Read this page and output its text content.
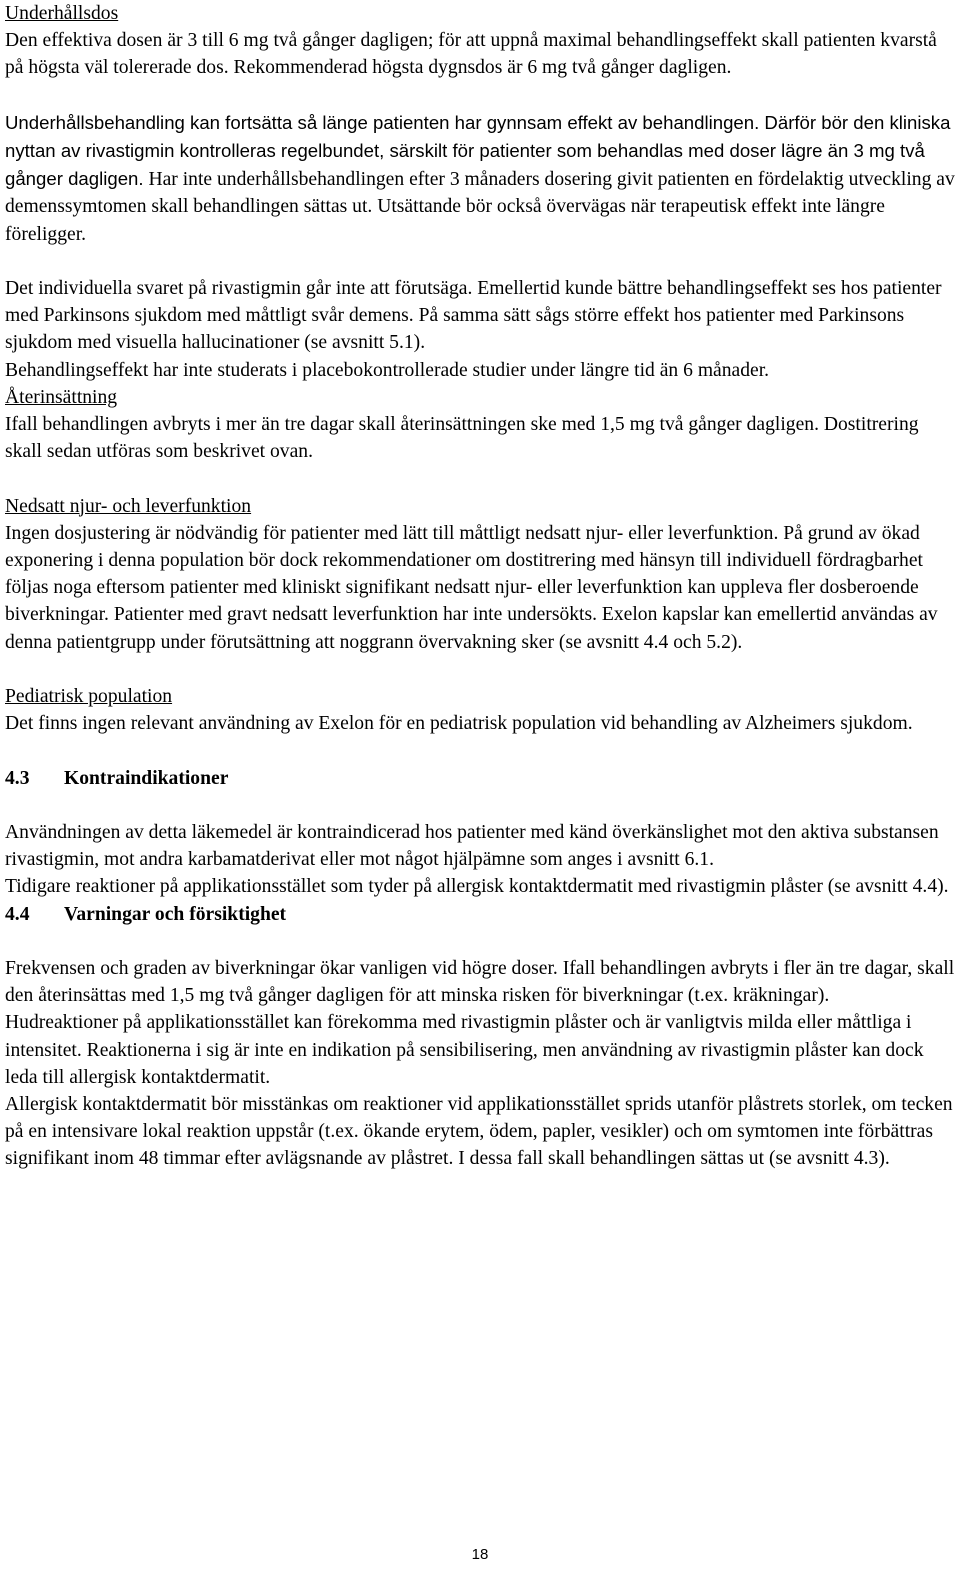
Underhållsdos

Den effektiva dosen är 3 till 6 mg två gånger dagligen; för att uppnå maximal behandlingseffekt skall patienten kvarstå på högsta väl tolererade dos. Rekommenderad högsta dygnsdos är 6 mg två gånger dagligen.

Underhållsbehandling kan fortsätta så länge patienten har gynnsam effekt av behandlingen. Därför bör den kliniska nyttan av rivastigmin kontrolleras regelbundet, särskilt för patienter som behandlas med doser lägre än 3 mg två gånger dagligen. Har inte underhållsbehandlingen efter 3 månaders dosering givit patienten en fördelaktig utveckling av demenssymtomen skall behandlingen sättas ut. Utsättande bör också övervägas när terapeutisk effekt inte längre föreligger.

Det individuella svaret på rivastigmin går inte att förutsäga. Emellertid kunde bättre behandlingseffekt ses hos patienter med Parkinsons sjukdom med måttligt svår demens. På samma sätt sågs större effekt hos patienter med Parkinsons sjukdom med visuella hallucinationer (se avsnitt 5.1).

Behandlingseffekt har inte studerats i placebokontrollerade studier under längre tid än 6 månader.

Återinsättning

Ifall behandlingen avbryts i mer än tre dagar skall återinsättningen ske med 1,5 mg två gånger dagligen. Dostitrering skall sedan utföras som beskrivet ovan.

Nedsatt njur- och leverfunktion

Ingen dosjustering är nödvändig för patienter med lätt till måttligt nedsatt njur- eller leverfunktion. På grund av ökad exponering i denna population bör dock rekommendationer om dostitrering med hänsyn till individuell fördragbarhet följas noga eftersom patienter med kliniskt signifikant nedsatt njur- eller leverfunktion kan uppleva fler dosberoende biverkningar. Patienter med gravt nedsatt leverfunktion har inte undersökts. Exelon kapslar kan emellertid användas av denna patientgrupp under förutsättning att noggrann övervakning sker (se avsnitt 4.4 och 5.2).

Pediatrisk population

Det finns ingen relevant användning av Exelon för en pediatrisk population vid behandling av Alzheimers sjukdom.

4.3 Kontraindikationer

Användningen av detta läkemedel är kontraindicerad hos patienter med känd överkänslighet mot den aktiva substansen rivastigmin, mot andra karbamatderivat eller mot något hjälpämne som anges i avsnitt 6.1.

Tidigare reaktioner på applikationsstället som tyder på allergisk kontaktdermatit med rivastigmin plåster (se avsnitt 4.4).

4.4 Varningar och försiktighet

Frekvensen och graden av biverkningar ökar vanligen vid högre doser. Ifall behandlingen avbryts i fler än tre dagar, skall den återinsättas med 1,5 mg två gånger dagligen för att minska risken för biverkningar (t.ex. kräkningar).

Hudreaktioner på applikationsstället kan förekomma med rivastigmin plåster och är vanligtvis milda eller måttliga i intensitet. Reaktionerna i sig är inte en indikation på sensibilisering, men användning av rivastigmin plåster kan dock leda till allergisk kontaktdermatit.

Allergisk kontaktdermatit bör misstänkas om reaktioner vid applikationsstället sprids utanför plåstrets storlek, om tecken på en intensivare lokal reaktion uppstår (t.ex. ökande erytem, ödem, papler, vesikler) och om symtomen inte förbättras signifikant inom 48 timmar efter avlägsnande av plåstret. I dessa fall skall behandlingen sättas ut (se avsnitt 4.3).

18
